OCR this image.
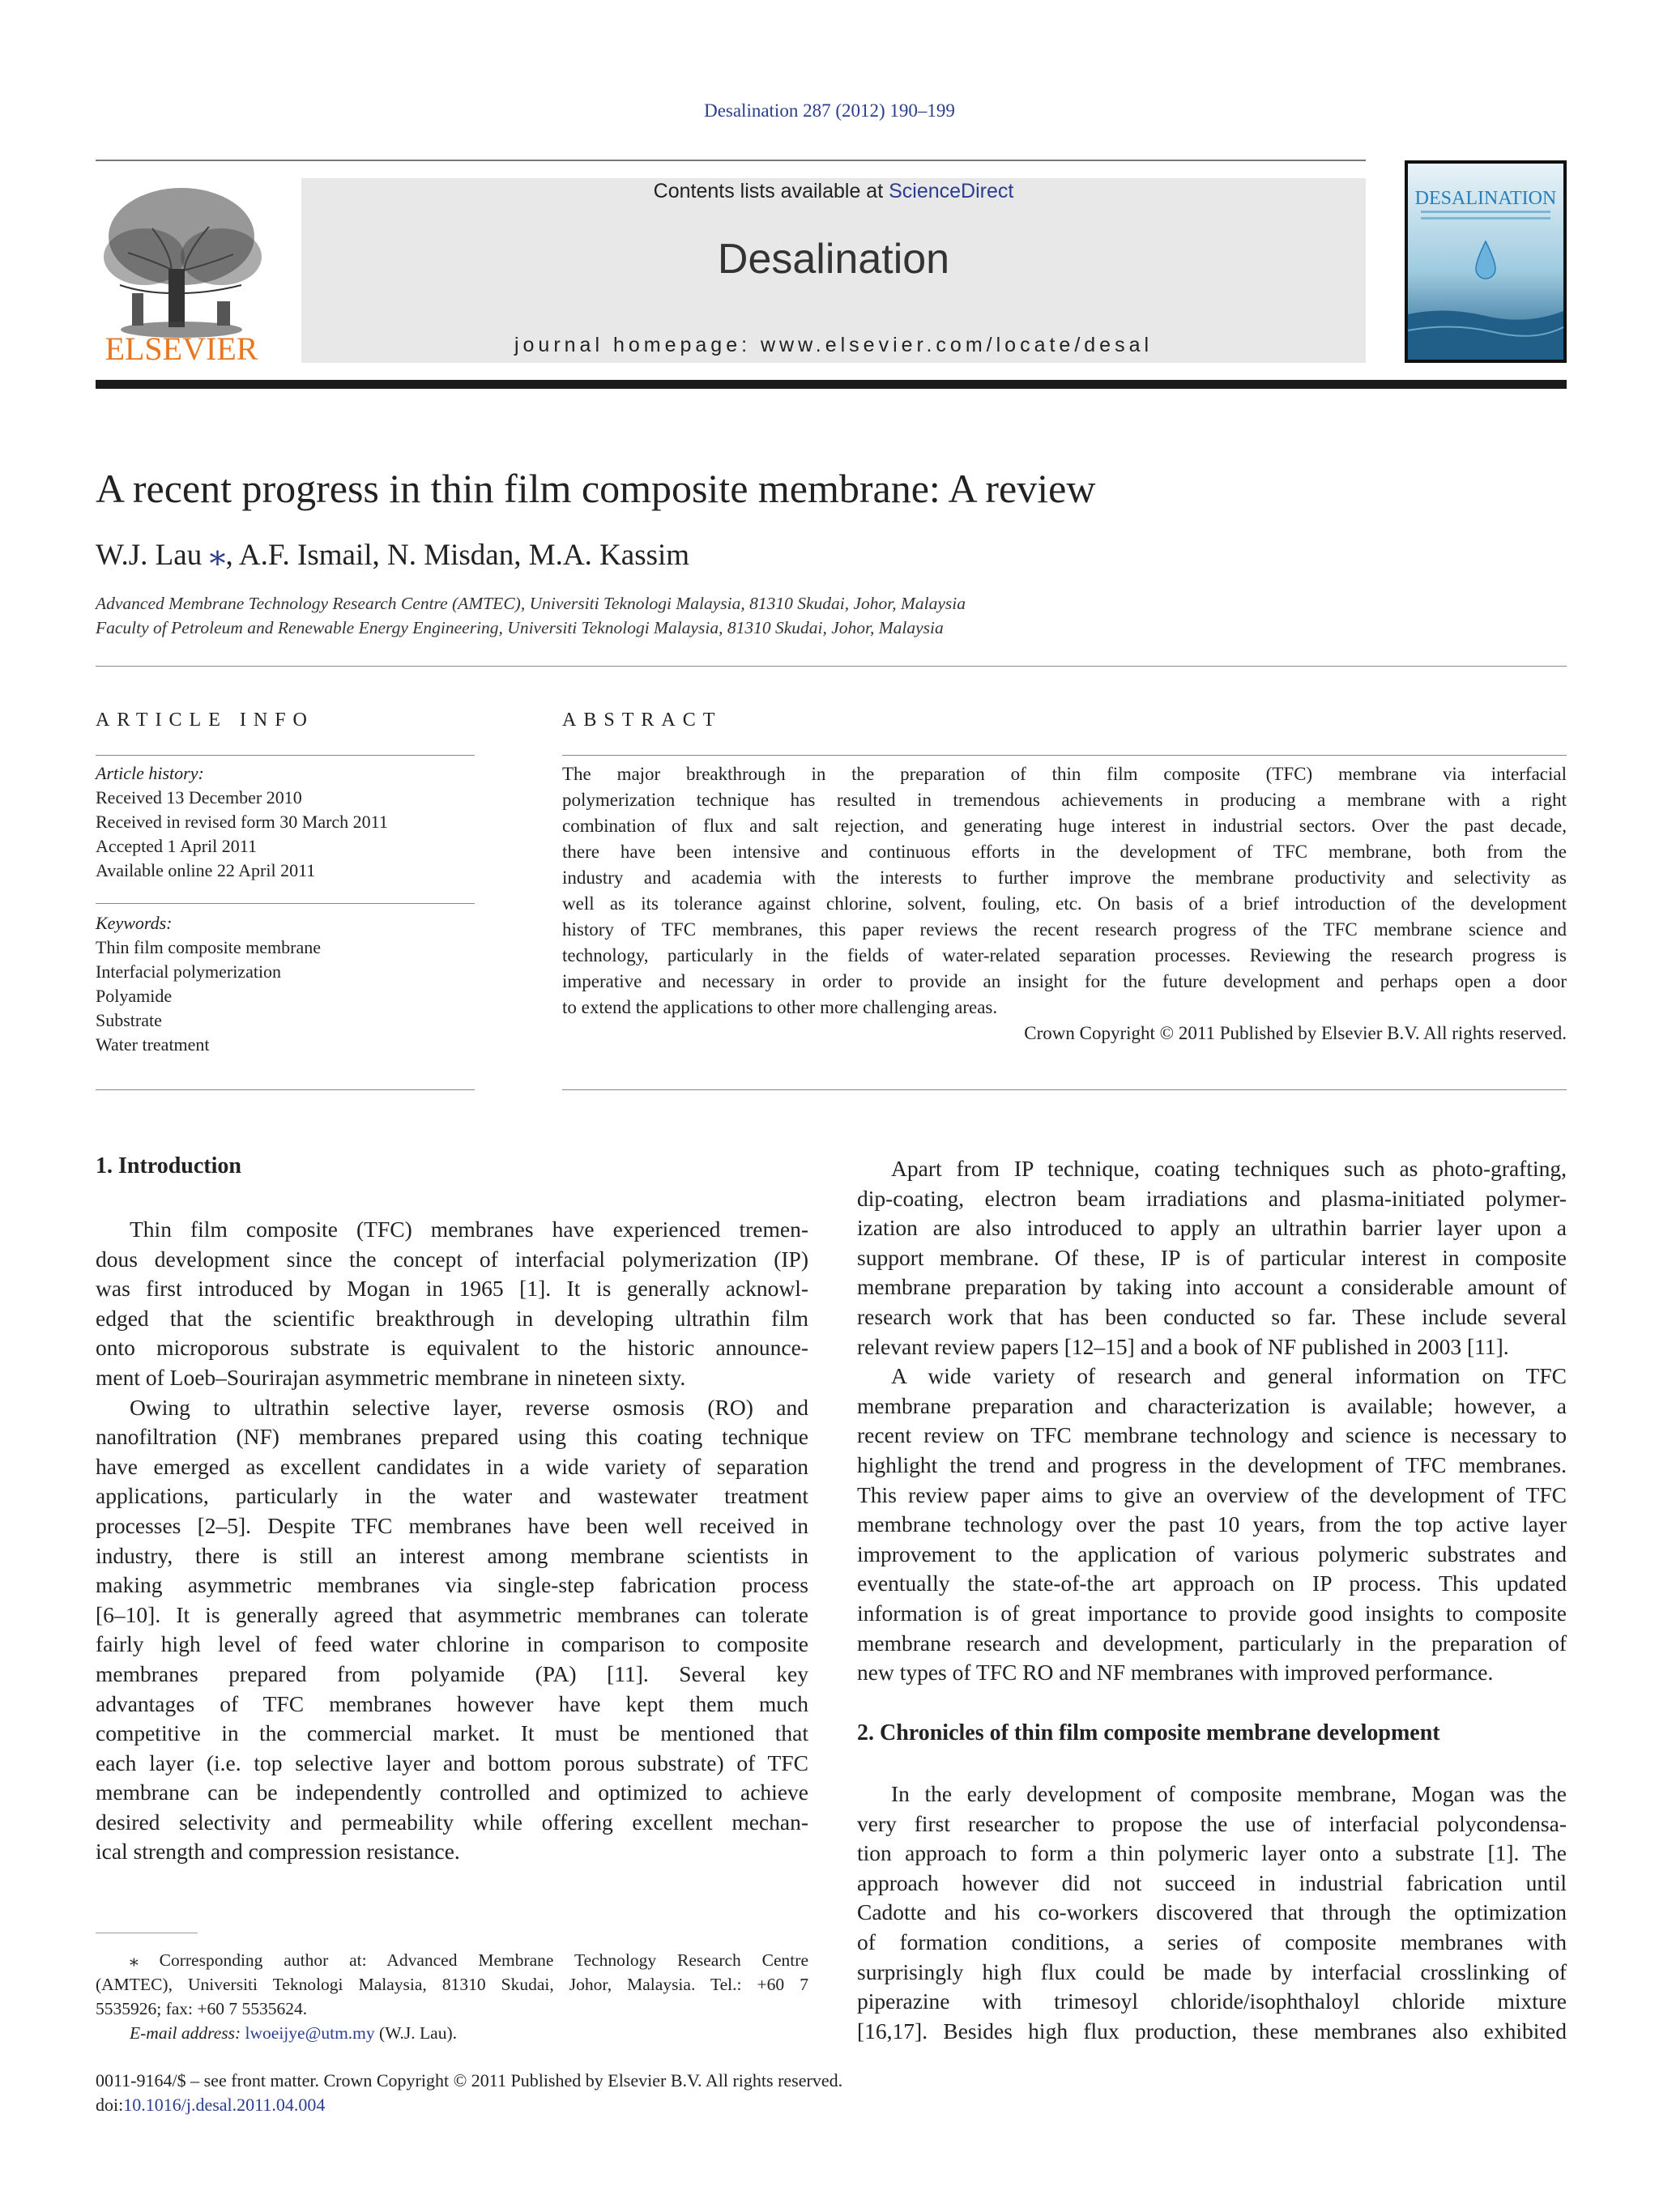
Desalination 287 (2012) 190–199
ELSEVIER
Contents lists available at ScienceDirect
Desalination
journal homepage: www.elsevier.com/locate/desal
DESALINATION
A recent progress in thin film composite membrane: A review
W.J. Lau ⁎, A.F. Ismail, N. Misdan, M.A. Kassim
Advanced Membrane Technology Research Centre (AMTEC), Universiti Teknologi Malaysia, 81310 Skudai, Johor, Malaysia
Faculty of Petroleum and Renewable Energy Engineering, Universiti Teknologi Malaysia, 81310 Skudai, Johor, Malaysia
ARTICLE INFO	ABSTRACT
Article history:
Received 13 December 2010
Received in revised form 30 March 2011
Accepted 1 April 2011
Available online 22 April 2011
Keywords:
Thin film composite membrane
Interfacial polymerization
Polyamide
Substrate
Water treatment
The major breakthrough in the preparation of thin film composite (TFC) membrane via interfacial
polymerization technique has resulted in tremendous achievements in producing a membrane with a right
combination of flux and salt rejection, and generating huge interest in industrial sectors. Over the past decade,
there have been intensive and continuous efforts in the development of TFC membrane, both from the
industry and academia with the interests to further improve the membrane productivity and selectivity as
well as its tolerance against chlorine, solvent, fouling, etc. On basis of a brief introduction of the development
history of TFC membranes, this paper reviews the recent research progress of the TFC membrane science and
technology, particularly in the fields of water-related separation processes. Reviewing the research progress is
imperative and necessary in order to provide an insight for the future development and perhaps open a door
to extend the applications to other more challenging areas.
Crown Copyright © 2011 Published by Elsevier B.V. All rights reserved.
1. Introduction
Thin film composite (TFC) membranes have experienced tremen-
dous development since the concept of interfacial polymerization (IP)
was first introduced by Mogan in 1965 [1]. It is generally acknowl-
edged that the scientific breakthrough in developing ultrathin film
onto microporous substrate is equivalent to the historic announce-
ment of Loeb–Sourirajan asymmetric membrane in nineteen sixty.
Owing to ultrathin selective layer, reverse osmosis (RO) and
nanofiltration (NF) membranes prepared using this coating technique
have emerged as excellent candidates in a wide variety of separation
applications, particularly in the water and wastewater treatment
processes [2–5]. Despite TFC membranes have been well received in
industry, there is still an interest among membrane scientists in
making asymmetric membranes via single-step fabrication process
[6–10]. It is generally agreed that asymmetric membranes can tolerate
fairly high level of feed water chlorine in comparison to composite
membranes prepared from polyamide (PA) [11]. Several key
advantages of TFC membranes however have kept them much
competitive in the commercial market. It must be mentioned that
each layer (i.e. top selective layer and bottom porous substrate) of TFC
membrane can be independently controlled and optimized to achieve
desired selectivity and permeability while offering excellent mechan-
ical strength and compression resistance.
Apart from IP technique, coating techniques such as photo-grafting,
dip-coating, electron beam irradiations and plasma-initiated polymer-
ization are also introduced to apply an ultrathin barrier layer upon a
support membrane. Of these, IP is of particular interest in composite
membrane preparation by taking into account a considerable amount of
research work that has been conducted so far. These include several
relevant review papers [12–15] and a book of NF published in 2003 [11].
A wide variety of research and general information on TFC
membrane preparation and characterization is available; however, a
recent review on TFC membrane technology and science is necessary to
highlight the trend and progress in the development of TFC membranes.
This review paper aims to give an overview of the development of TFC
membrane technology over the past 10 years, from the top active layer
improvement to the application of various polymeric substrates and
eventually the state-of-the art approach on IP process. This updated
information is of great importance to provide good insights to composite
membrane research and development, particularly in the preparation of
new types of TFC RO and NF membranes with improved performance.
2. Chronicles of thin film composite membrane development
In the early development of composite membrane, Mogan was the
very first researcher to propose the use of interfacial polycondensa-
tion approach to form a thin polymeric layer onto a substrate [1]. The
approach however did not succeed in industrial fabrication until
Cadotte and his co-workers discovered that through the optimization
of formation conditions, a series of composite membranes with
surprisingly high flux could be made by interfacial crosslinking of
piperazine with trimesoyl chloride/isophthaloyl chloride mixture
[16,17]. Besides high flux production, these membranes also exhibited
⁎ Corresponding author at: Advanced Membrane Technology Research Centre
(AMTEC), Universiti Teknologi Malaysia, 81310 Skudai, Johor, Malaysia. Tel.: +60 7
5535926; fax: +60 7 5535624.
E-mail address: lwoeijye@utm.my (W.J. Lau).
0011-9164/$ – see front matter. Crown Copyright © 2011 Published by Elsevier B.V. All rights reserved.
doi:10.1016/j.desal.2011.04.004
